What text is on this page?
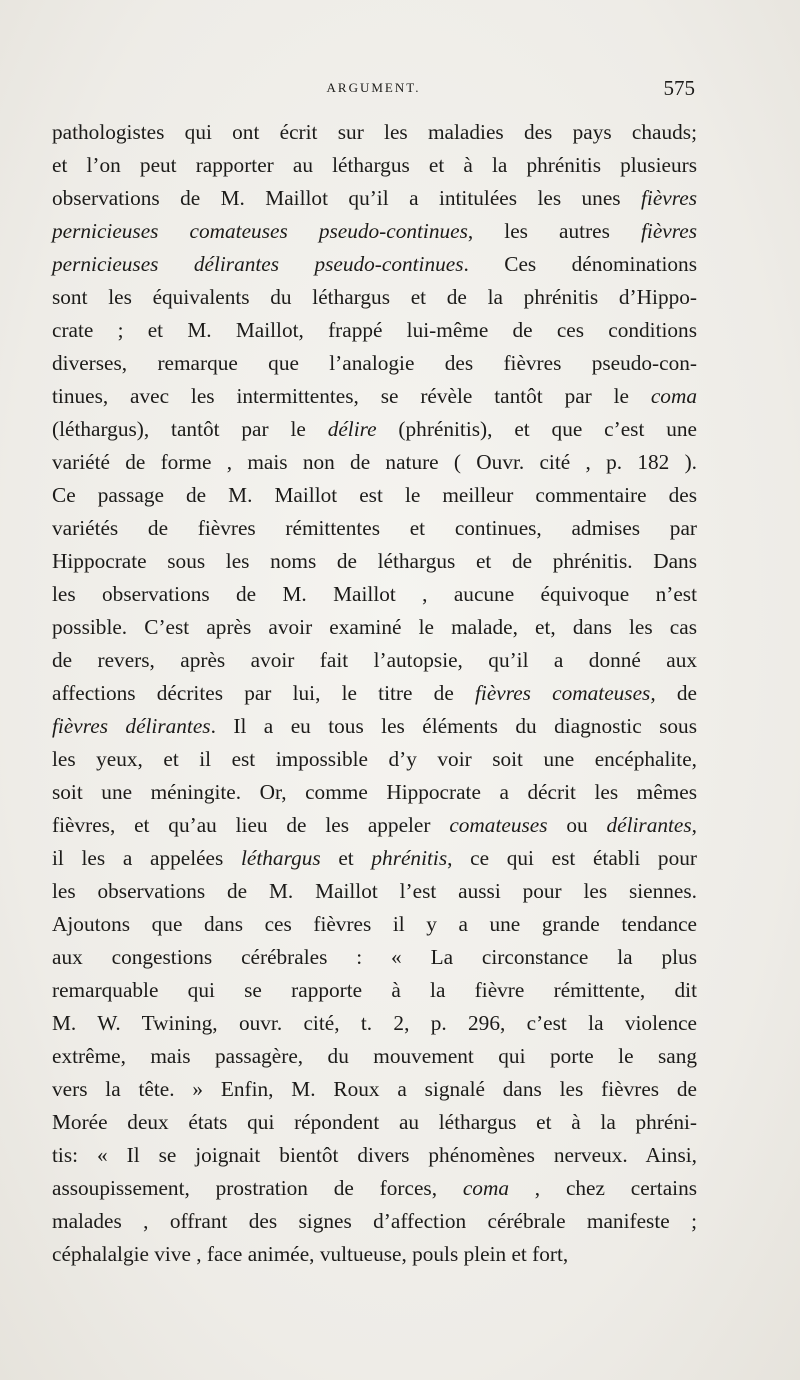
ARGUMENT.	575
pathologistes qui ont écrit sur les maladies des pays chauds;
et l’on peut rapporter au léthargus et à la phrénitis plusieurs
observations de M. Maillot qu’il a intitulées les unes fièvres
pernicieuses comateuses pseudo-continues, les autres fièvres
pernicieuses délirantes pseudo-continues. Ces dénominations
sont les équivalents du léthargus et de la phrénitis d’Hippo-
crate ; et M. Maillot, frappé lui-même de ces conditions
diverses, remarque que l’analogie des fièvres pseudo-con-
tinues, avec les intermittentes, se révèle tantôt par le coma
(léthargus), tantôt par le délire (phrénitis), et que c’est une
variété de forme , mais non de nature ( Ouvr. cité , p. 182 ).
Ce passage de M. Maillot est le meilleur commentaire des
variétés de fièvres rémittentes et continues, admises par
Hippocrate sous les noms de léthargus et de phrénitis. Dans
les observations de M. Maillot , aucune équivoque n’est
possible. C’est après avoir examiné le malade, et, dans les cas
de revers, après avoir fait l’autopsie, qu’il a donné aux
affections décrites par lui, le titre de fièvres comateuses, de
fièvres délirantes. Il a eu tous les éléments du diagnostic sous
les yeux, et il est impossible d’y voir soit une encéphalite,
soit une méningite. Or, comme Hippocrate a décrit les mêmes
fièvres, et qu’au lieu de les appeler comateuses ou délirantes,
il les a appelées léthargus et phrénitis, ce qui est établi pour
les observations de M. Maillot l’est aussi pour les siennes.
Ajoutons que dans ces fièvres il y a une grande tendance
aux congestions cérébrales : « La circonstance la plus
remarquable qui se rapporte à la fièvre rémittente, dit
M. W. Twining, ouvr. cité, t. 2, p. 296, c’est la violence
extrême, mais passagère, du mouvement qui porte le sang
vers la tête. » Enfin, M. Roux a signalé dans les fièvres de
Morée deux états qui répondent au léthargus et à la phréni-
tis: « Il se joignait bientôt divers phénomènes nerveux. Ainsi,
assoupissement, prostration de forces, coma , chez certains
malades , offrant des signes d’affection cérébrale manifeste ;
céphalalgie vive , face animée, vultueuse, pouls plein et fort,
